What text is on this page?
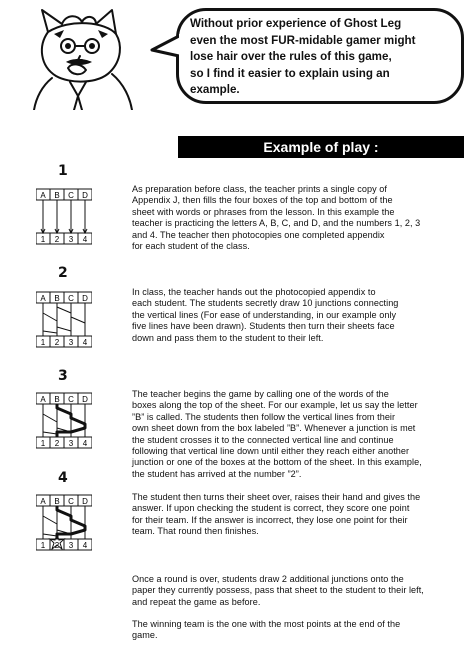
Without prior experience of Ghost Leg
even the most FUR-midable gamer might
lose hair over the rules of this game,
so I find it easier to explain using an
example.
Example of play :
1
2
3
4
A B C D
1 2 3 4
A B C D
1 2 3 4
A B C D
1 2 3 4
A B C D
1 2 3 4
As preparation before class, the teacher prints a single copy of
Appendix J, then fills the four boxes of the top and bottom of the
sheet with words or phrases from the lesson. In this example the
teacher is practicing the letters A, B, C, and D, and the numbers 1, 2, 3
and 4. The teacher then photocopies one completed appendix
for each student of the class.
In class, the teacher hands out the photocopied appendix to
each student. The students secretly draw 10 junctions connecting
the vertical lines (For ease of understanding, in our example only
five lines have been drawn). Students then turn their sheets face
down and pass them to the student to their left.
The teacher begins the game by calling one of the words of the
boxes along the top of the sheet. For our example, let us say the letter
”B” is called. The students then follow the vertical lines from their
own sheet down from the box labeled ”B”. Whenever a junction is met
the student crosses it to the connected vertical line and continue
following that vertical line down until either they reach either another
junction or one of the boxes at the bottom of the sheet. In this example,
the student has arrived at the number ”2”.
The student then turns their sheet over, raises their hand and gives the
answer. If upon checking the student is correct, they score one point
for their team. If the answer is incorrect, they lose one point for their
team. That round then finishes.
Once a round is over, students draw 2 additional junctions onto the
paper they currently possess, pass that sheet to the student to their left,
and repeat the game as before.
The winning team is the one with the most points at the end of the
game.
